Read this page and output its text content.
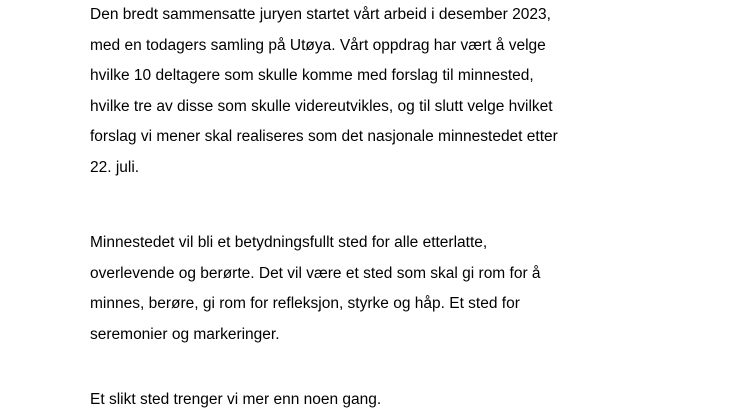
Den bredt sammensatte juryen startet vårt arbeid i desember 2023,
med en todagers samling på Utøya. Vårt oppdrag har vært å velge
hvilke 10 deltagere som skulle komme med forslag til minnested,
hvilke tre av disse som skulle videreutvikles, og til slutt velge hvilket
forslag vi mener skal realiseres som det nasjonale minnestedet etter
22. juli.

Minnestedet vil bli et betydningsfullt sted for alle etterlatte,
overlevende og berørte. Det vil være et sted som skal gi rom for å
minnes, berøre, gi rom for refleksjon, styrke og håp. Et sted for
seremonier og markeringer.

Et slikt sted trenger vi mer enn noen gang.
